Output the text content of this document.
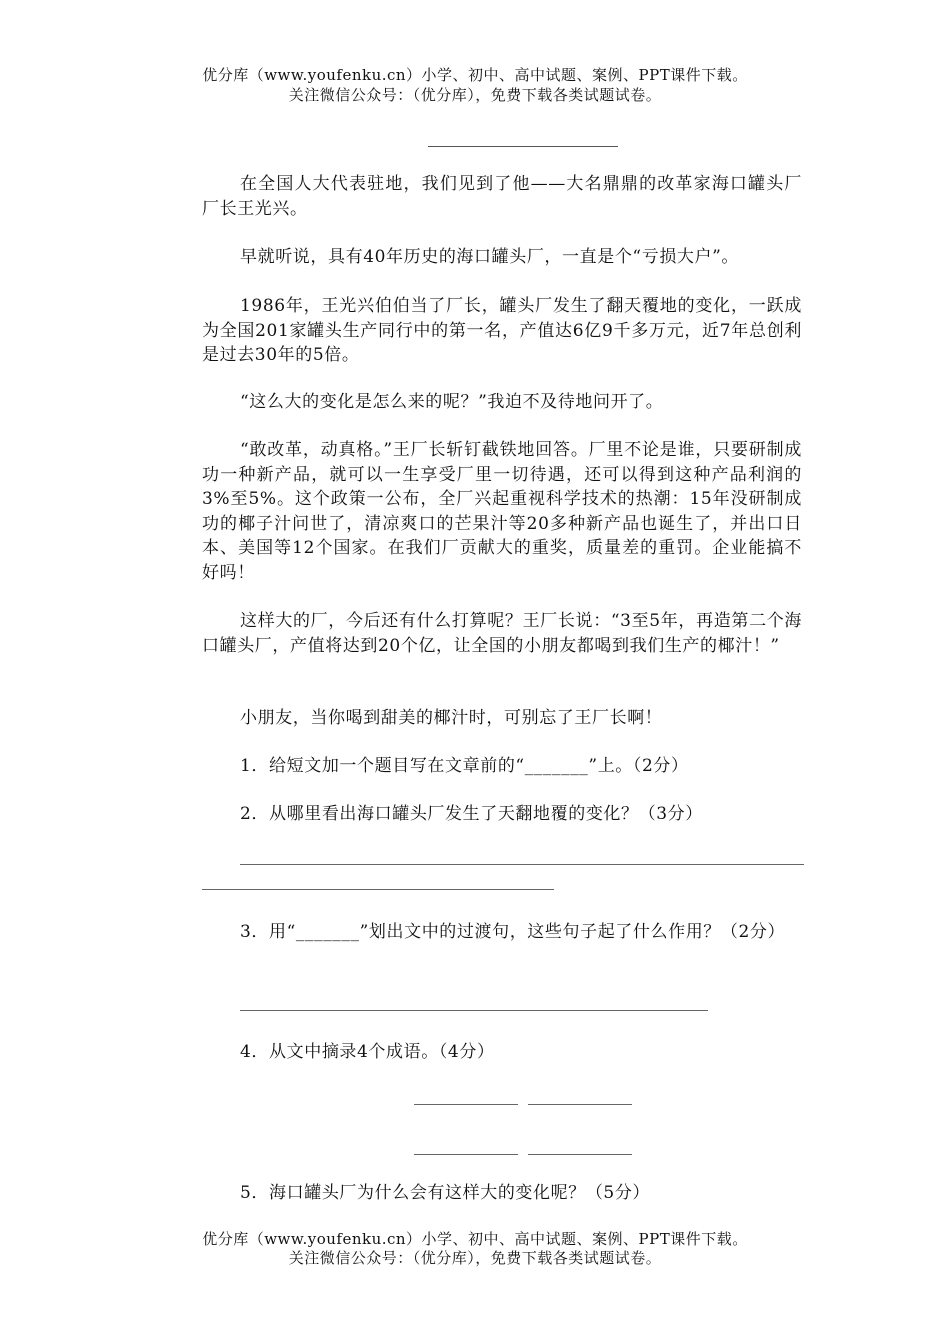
优分库（www.youfenku.cn）小学、初中、高中试题、案例、PPT课件下载。
关注微信公众号：（优分库），免费下载各类试题试卷。
在全国人大代表驻地，我们见到了他——大名鼎鼎的改革家海口罐头厂厂长王光兴。
早就听说，具有40年历史的海口罐头厂，一直是个“亏损大户”。
1986年，王光兴伯伯当了厂长，罐头厂发生了翻天覆地的变化，一跃成为全国201家罐头生产同行中的第一名，产值达6亿9千多万元，近7年总创利是过去30年的5倍。
“这么大的变化是怎么来的呢？”我迫不及待地问开了。
“敢改革，动真格。”王厂长斩钉截铁地回答。厂里不论是谁，只要研制成功一种新产品，就可以一生享受厂里一切待遇，还可以得到这种产品利润的3%至5%。这个政策一公布，全厂兴起重视科学技术的热潮：15年没研制成功的椰子汁问世了，清凉爽口的芒果汁等20多种新产品也诞生了，并出口日本、美国等12个国家。在我们厂贡献大的重奖，质量差的重罚。企业能搞不好吗！
这样大的厂，今后还有什么打算呢？王厂长说：“3至5年，再造第二个海口罐头厂，产值将达到20个亿，让全国的小朋友都喝到我们生产的椰汁！”
小朋友，当你喝到甜美的椰汁时，可别忘了王厂长啊！
1．给短文加一个题目写在文章前的“_______”上。（2分）
2．从哪里看出海口罐头厂发生了天翻地覆的变化？（3分）
3．用“_______”划出文中的过渡句，这些句子起了什么作用？（2分）
4．从文中摘录4个成语。（4分）
5．海口罐头厂为什么会有这样大的变化呢？（5分）
优分库（www.youfenku.cn）小学、初中、高中试题、案例、PPT课件下载。
关注微信公众号：（优分库），免费下载各类试题试卷。
